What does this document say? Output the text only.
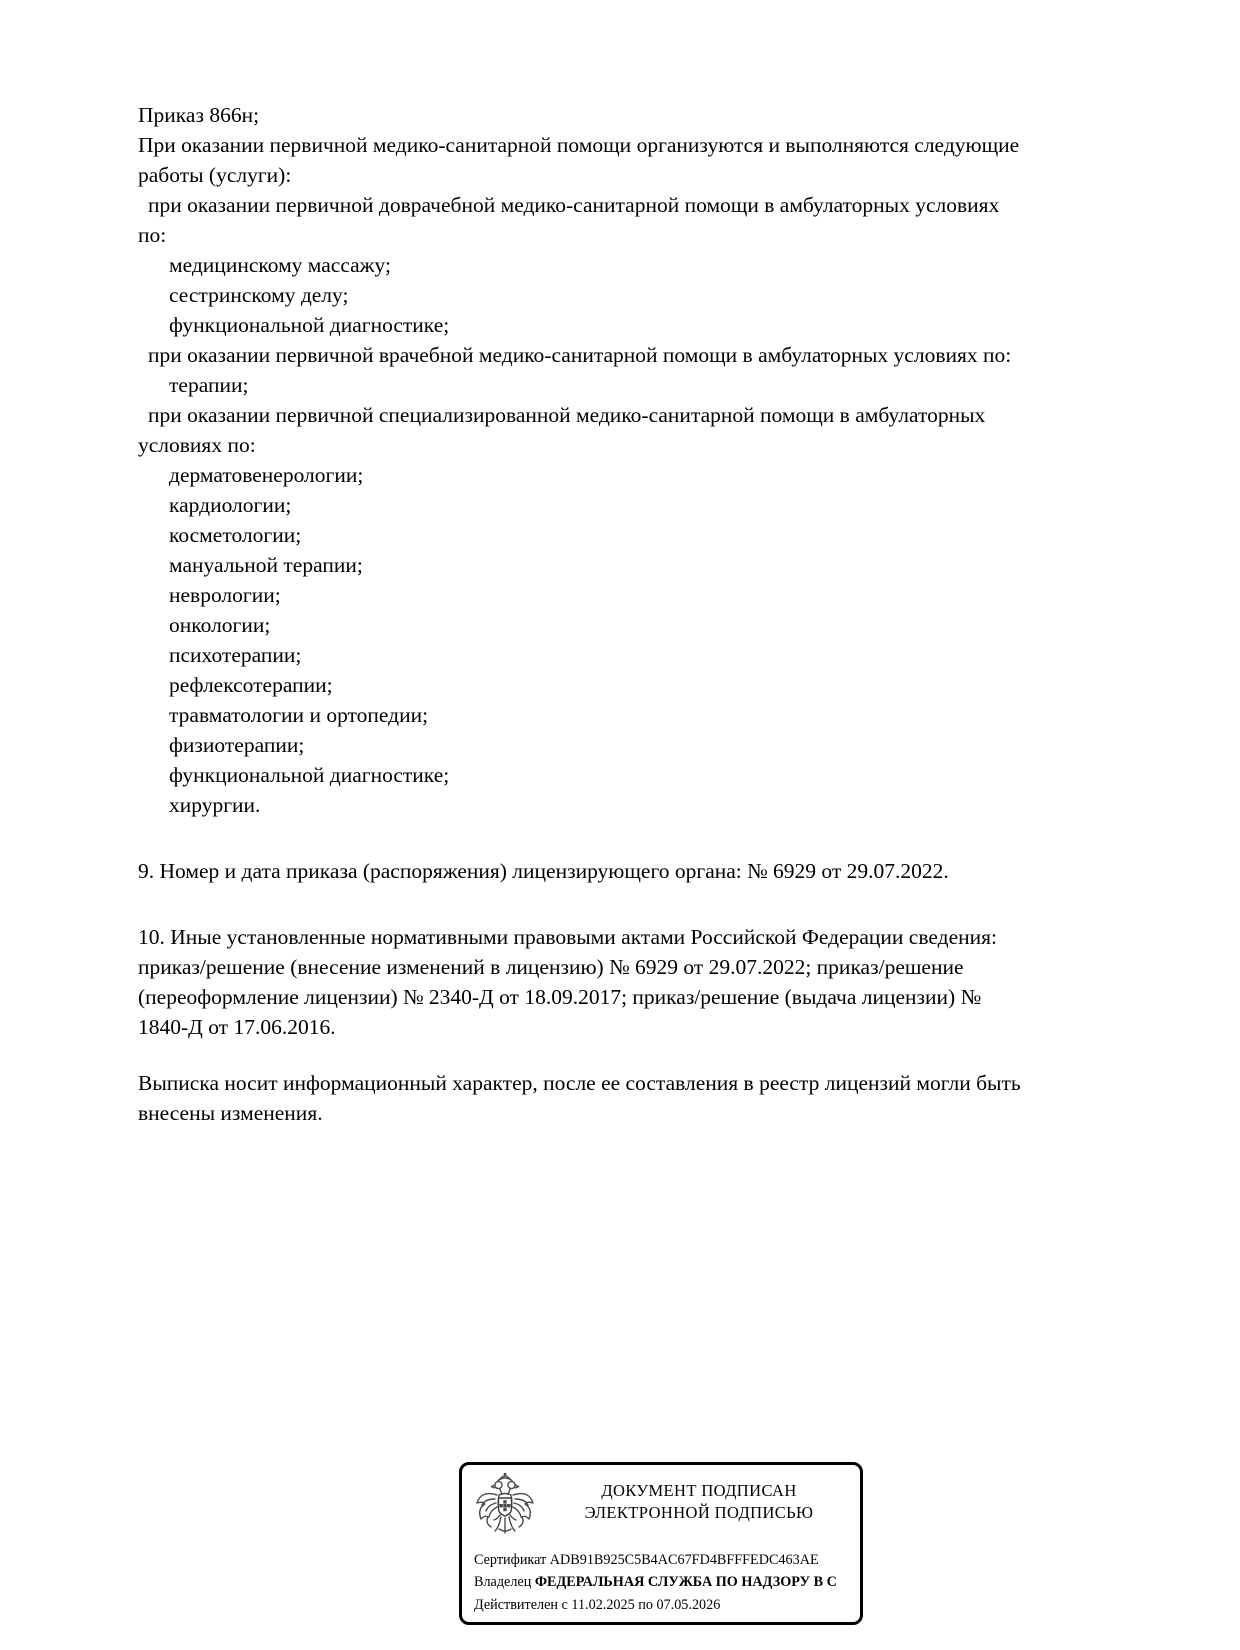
Приказ 866н;
При оказании первичной медико-санитарной помощи организуются и выполняются следующие
работы (услуги):
при оказании первичной доврачебной медико-санитарной помощи в амбулаторных условиях
по:
медицинскому массажу;
сестринскому делу;
функциональной диагностике;
при оказании первичной врачебной медико-санитарной помощи в амбулаторных условиях по:
терапии;
при оказании первичной специализированной медико-санитарной помощи в амбулаторных
условиях по:
дерматовенерологии;
кардиологии;
косметологии;
мануальной терапии;
неврологии;
онкологии;
психотерапии;
рефлексотерапии;
травматологии и ортопедии;
физиотерапии;
функциональной диагностике;
хирургии.
9. Номер и дата приказа (распоряжения) лицензирующего органа: № 6929 от 29.07.2022.
10. Иные установленные нормативными правовыми актами Российской Федерации сведения:
приказ/решение (внесение изменений в лицензию) № 6929 от 29.07.2022; приказ/решение
(переоформление лицензии) № 2340-Д от 18.09.2017; приказ/решение (выдача лицензии) №
1840-Д от 17.06.2016.
Выписка носит информационный характер, после ее составления в реестр лицензий могли быть
внесены изменения.
ДОКУМЕНТ ПОДПИСАН
ЭЛЕКТРОННОЙ ПОДПИСЬЮ
Сертификат ADB91B925C5B4AC67FD4BFFFEDC463AE
Владелец ФЕДЕРАЛЬНАЯ СЛУЖБА ПО НАДЗОРУ В С
Действителен с 11.02.2025 по 07.05.2026
